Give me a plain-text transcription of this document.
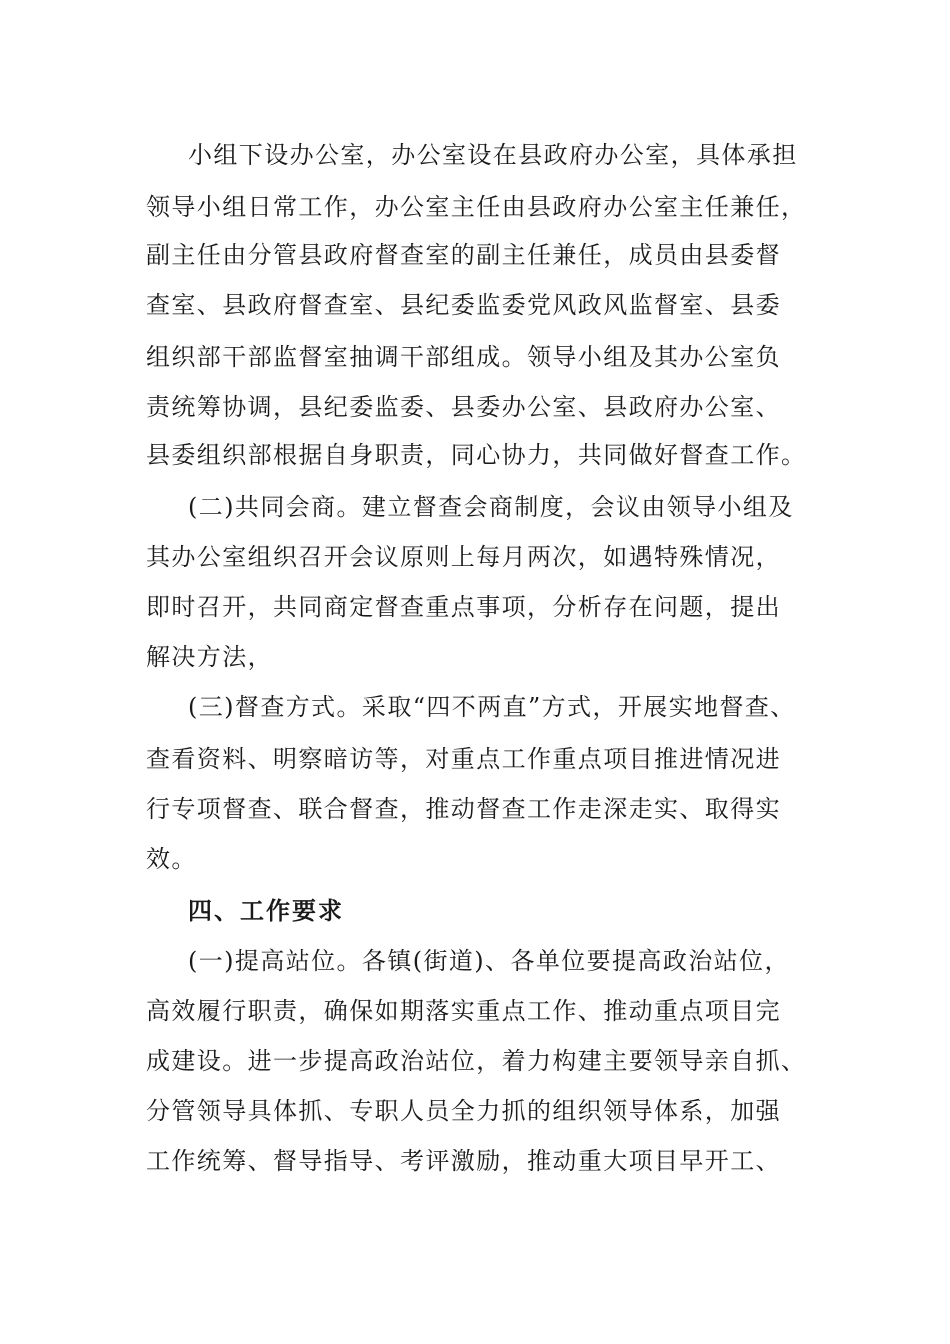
小组下设办公室，办公室设在县政府办公室，具体承担
领导小组日常工作，办公室主任由县政府办公室主任兼任，
副主任由分管县政府督查室的副主任兼任，成员由县委督
查室、县政府督查室、县纪委监委党风政风监督室、县委
组织部干部监督室抽调干部组成。领导小组及其办公室负
责统筹协调，县纪委监委、县委办公室、县政府办公室、
县委组织部根据自身职责，同心协力，共同做好督查工作。
(二)共同会商。建立督查会商制度，会议由领导小组及
其办公室组织召开会议原则上每月两次，如遇特殊情况，
即时召开，共同商定督查重点事项，分析存在问题，提出
解决方法，
(三)督查方式。采取“四不两直”方式，开展实地督查、
查看资料、明察暗访等，对重点工作重点项目推进情况进
行专项督查、联合督查，推动督查工作走深走实、取得实
效。
四、工作要求
(一)提高站位。各镇(街道)、各单位要提高政治站位，
高效履行职责，确保如期落实重点工作、推动重点项目完
成建设。进一步提高政治站位，着力构建主要领导亲自抓、
分管领导具体抓、专职人员全力抓的组织领导体系，加强
工作统筹、督导指导、考评激励，推动重大项目早开工、
